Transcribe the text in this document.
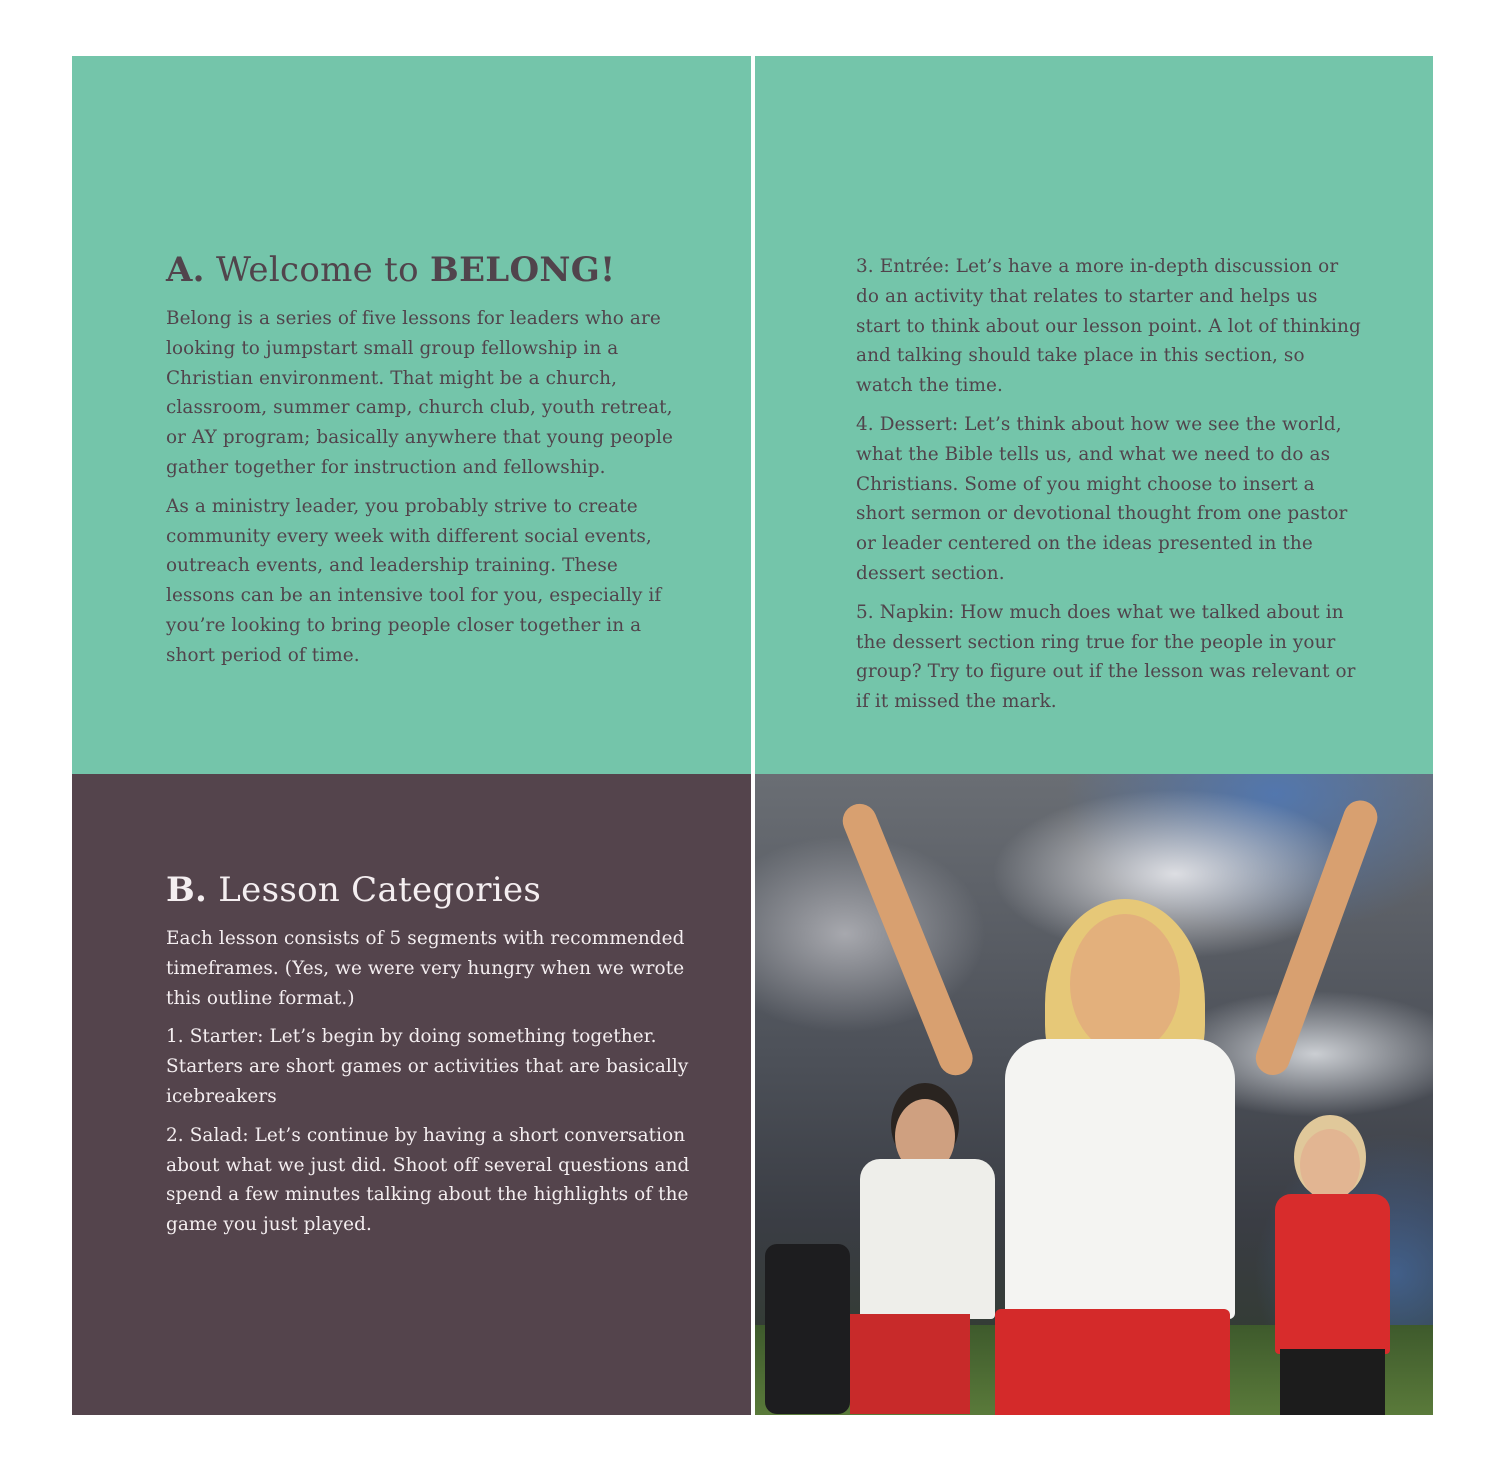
A. Welcome to BELONG!

Belong is a series of five lessons for leaders who are looking to jumpstart small group fellowship in a Christian environment. That might be a church, classroom, summer camp, church club, youth retreat, or AY program; basically anywhere that young people gather together for instruction and fellowship.

As a ministry leader, you probably strive to create community every week with different social events, outreach events, and leadership training. These lessons can be an intensive tool for you, especially if you’re looking to bring people closer together in a short period of time.

3. Entrée: Let’s have a more in-depth discussion or do an activity that relates to starter and helps us start to think about our lesson point. A lot of thinking and talking should take place in this section, so watch the time.

4. Dessert: Let’s think about how we see the world, what the Bible tells us, and what we need to do as Christians. Some of you might choose to insert a short sermon or devotional thought from one pastor or leader centered on the ideas presented in the dessert section.

5. Napkin: How much does what we talked about in the dessert section ring true for the people in your group? Try to figure out if the lesson was relevant or if it missed the mark.

B. Lesson Categories

Each lesson consists of 5 segments with recommended timeframes. (Yes, we were very hungry when we wrote this outline format.)

1. Starter: Let’s begin by doing something together. Starters are short games or activities that are basically icebreakers

2. Salad: Let’s continue by having a short conversation about what we just did. Shoot off several questions and spend a few minutes talking about the highlights of the game you just played.
